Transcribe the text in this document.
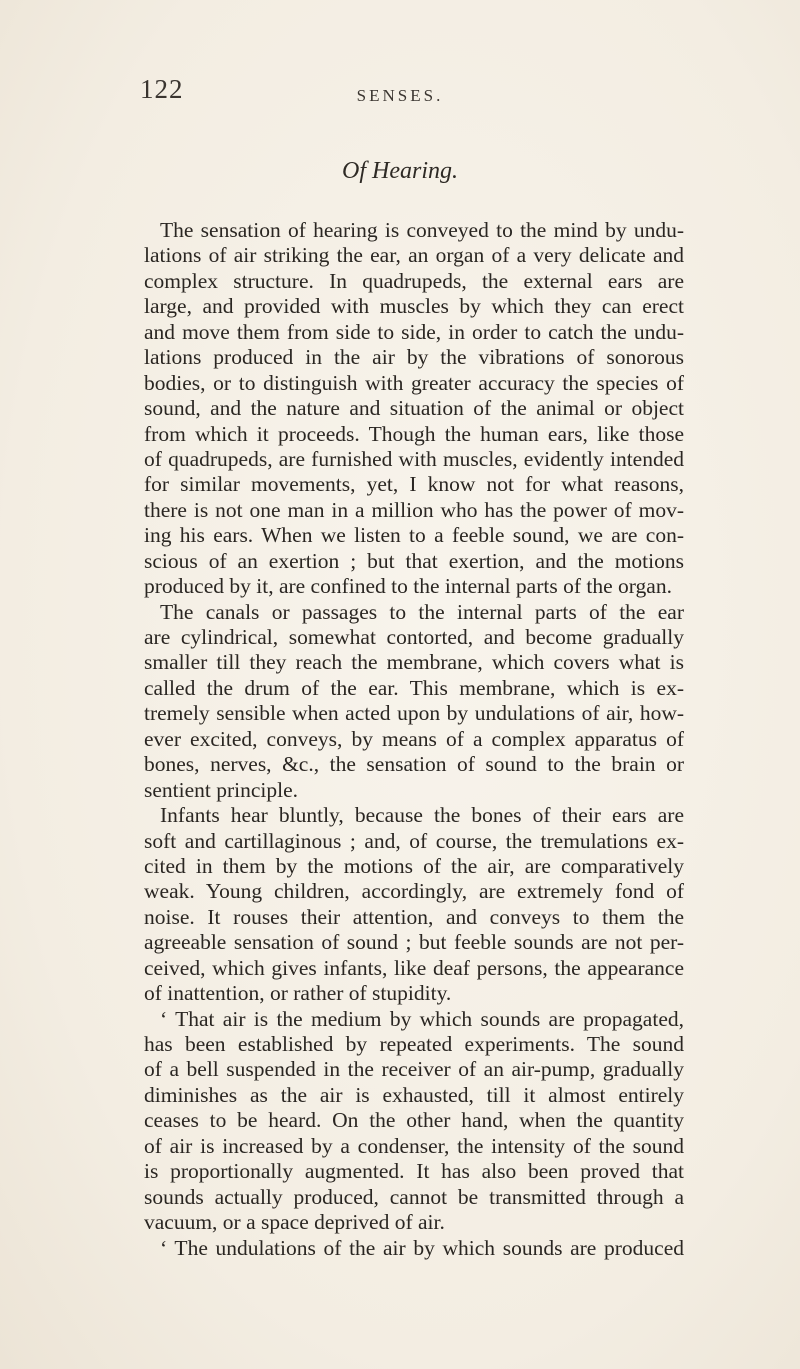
122	SENSES.
Of Hearing.
The sensation of hearing is conveyed to the mind by undu-
lations of air striking the ear, an organ of a very delicate and
complex structure. In quadrupeds, the external ears are
large, and provided with muscles by which they can erect
and move them from side to side, in order to catch the undu-
lations produced in the air by the vibrations of sonorous
bodies, or to distinguish with greater accuracy the species of
sound, and the nature and situation of the animal or object
from which it proceeds. Though the human ears, like those
of quadrupeds, are furnished with muscles, evidently intended
for similar movements, yet, I know not for what reasons,
there is not one man in a million who has the power of mov-
ing his ears. When we listen to a feeble sound, we are con-
scious of an exertion ; but that exertion, and the motions
produced by it, are confined to the internal parts of the organ.
The canals or passages to the internal parts of the ear
are cylindrical, somewhat contorted, and become gradually
smaller till they reach the membrane, which covers what is
called the drum of the ear. This membrane, which is ex-
tremely sensible when acted upon by undulations of air, how-
ever excited, conveys, by means of a complex apparatus of
bones, nerves, &c., the sensation of sound to the brain or
sentient principle.
Infants hear bluntly, because the bones of their ears are
soft and cartillaginous ; and, of course, the tremulations ex-
cited in them by the motions of the air, are comparatively
weak. Young children, accordingly, are extremely fond of
noise. It rouses their attention, and conveys to them the
agreeable sensation of sound ; but feeble sounds are not per-
ceived, which gives infants, like deaf persons, the appearance
of inattention, or rather of stupidity.
‘ That air is the medium by which sounds are propagated,
has been established by repeated experiments. The sound
of a bell suspended in the receiver of an air-pump, gradually
diminishes as the air is exhausted, till it almost entirely
ceases to be heard. On the other hand, when the quantity
of air is increased by a condenser, the intensity of the sound
is proportionally augmented. It has also been proved that
sounds actually produced, cannot be transmitted through a
vacuum, or a space deprived of air.
‘ The undulations of the air by which sounds are produced
